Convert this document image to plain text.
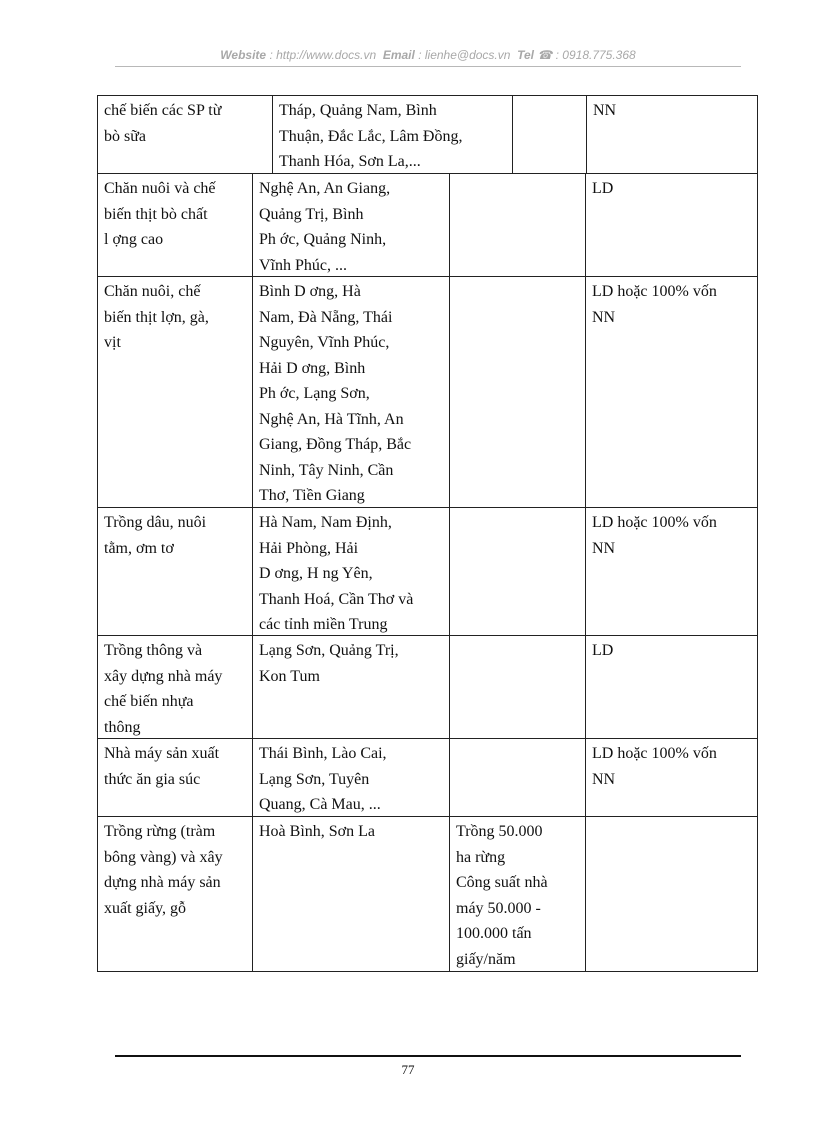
Website : http://www.docs.vn Email : lienhe@docs.vn Tel ☎ : 0918.775.368
chế biến các SP từ
bò sữa
Tháp, Quảng Nam, Bình
Thuận, Đắc Lắc, Lâm Đồng,
Thanh Hóa, Sơn La,...
NN
Chăn nuôi và chế
biến thịt bò chất
l ợng cao
Nghệ An, An Giang,
Quảng Trị, Bình
Ph ớc, Quảng Ninh,
Vĩnh Phúc, ...
LD
Chăn nuôi, chế
biến thịt lợn, gà,
vịt
Bình D ơng, Hà
Nam, Đà Nẵng, Thái
Nguyên, Vĩnh Phúc,
Hải D ơng, Bình
Ph ớc, Lạng Sơn,
Nghệ An, Hà Tĩnh, An
Giang, Đồng Tháp, Bắc
Ninh, Tây Ninh, Cần
Thơ, Tiền Giang
LD hoặc 100% vốn
NN
Trồng dâu, nuôi
tằm, ơm tơ
Hà Nam, Nam Định,
Hải Phòng, Hải
D ơng, H ng Yên,
Thanh Hoá, Cần Thơ và
các tỉnh miền Trung
LD hoặc 100% vốn
NN
Trồng thông và
xây dựng nhà máy
chế biến nhựa
thông
Lạng Sơn, Quảng Trị,
Kon Tum
LD
Nhà máy sản xuất
thức ăn gia súc
Thái Bình, Lào Cai,
Lạng Sơn, Tuyên
Quang, Cà Mau, ...
LD hoặc 100% vốn
NN
Trồng rừng (tràm
bông vàng) và xây
dựng nhà máy sản
xuất giấy, gỗ
Hoà Bình, Sơn La	Trồng 50.000
ha rừng
Công suất nhà
máy 50.000 -
100.000 tấn
giấy/năm
77
